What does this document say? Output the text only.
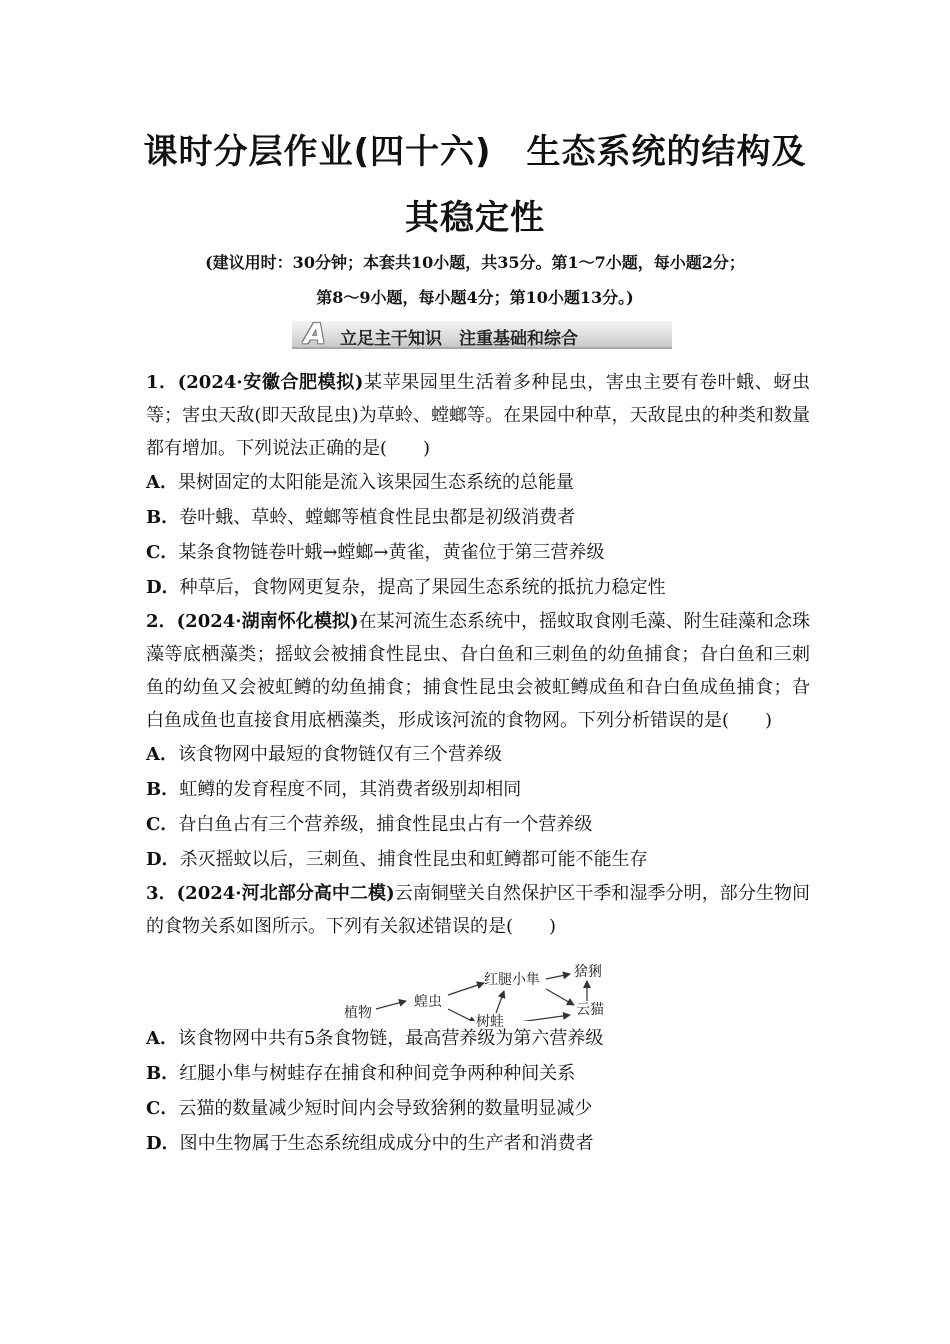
课时分层作业(四十六)　生态系统的结构及
其稳定性
(建议用时：30分钟；本套共10小题，共35分。第1～7小题，每小题2分；
第8～9小题，每小题4分；第10小题13分。)
A 立足主干知识　注重基础和综合
1．(2024·安徽合肥模拟)某苹果园里生活着多种昆虫，害虫主要有卷叶蛾、蚜虫等；害虫天敌(即天敌昆虫)为草蛉、螳螂等。在果园中种草，天敌昆虫的种类和数量都有增加。下列说法正确的是(　　)
A．果树固定的太阳能是流入该果园生态系统的总能量
B．卷叶蛾、草蛉、螳螂等植食性昆虫都是初级消费者
C．某条食物链卷叶蛾→螳螂→黄雀，黄雀位于第三营养级
D．种草后，食物网更复杂，提高了果园生态系统的抵抗力稳定性
2．(2024·湖南怀化模拟)在某河流生态系统中，摇蚊取食刚毛藻、附生硅藻和念珠藻等底栖藻类；摇蚊会被捕食性昆虫、旮白鱼和三刺鱼的幼鱼捕食；旮白鱼和三刺鱼的幼鱼又会被虹鳟的幼鱼捕食；捕食性昆虫会被虹鳟成鱼和旮白鱼成鱼捕食；旮白鱼成鱼也直接食用底栖藻类，形成该河流的食物网。下列分析错误的是(　　)
A．该食物网中最短的食物链仅有三个营养级
B．虹鳟的发育程度不同，其消费者级别却相同
C．旮白鱼占有三个营养级，捕食性昆虫占有一个营养级
D．杀灭摇蚊以后，三刺鱼、捕食性昆虫和虹鳟都可能不能生存
3．(2024·河北部分高中二模)云南铜壁关自然保护区干季和湿季分明，部分生物间的食物关系如图所示。下列有关叙述错误的是(　　)
植物
蝗虫
红腿小隼 猞猁
树蛙
云猫
A．该食物网中共有5条食物链，最高营养级为第六营养级
B．红腿小隼与树蛙存在捕食和种间竞争两种种间关系
C．云猫的数量减少短时间内会导致猞猁的数量明显减少
D．图中生物属于生态系统组成成分中的生产者和消费者
